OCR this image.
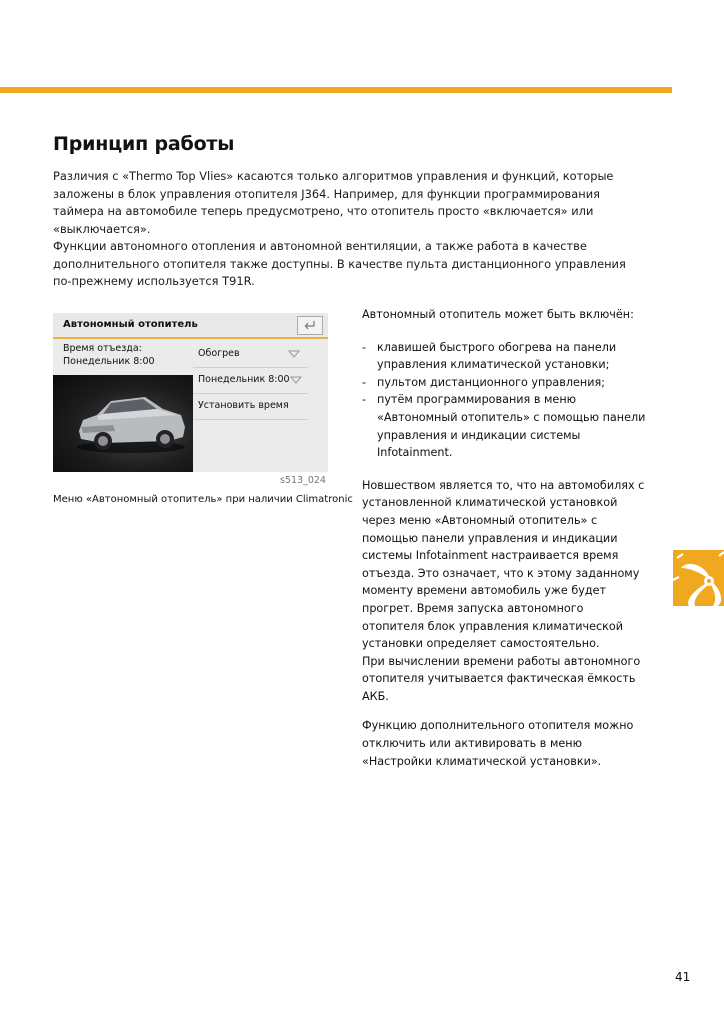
Принцип работы

Различия с «Thermo Top Vlies» касаются только алгоритмов управления и функций, которые заложены в блок управления отопителя J364. Например, для функции программирования таймера на автомобиле теперь предусмотрено, что отопитель просто «включается» или «выключается».

Функции автономного отопления и автономной вентиляции, а также работа в качестве дополнительного отопителя также доступны. В качестве пульта дистанционного управления по-прежнему используется T91R.

Автономный отопитель
Время отъезда:
Понедельник 8:00
Обогрев
Понедельник 8:00
Установить время
s513_024
Меню «Автономный отопитель» при наличии Climatronic

Автономный отопитель может быть включён:

- клавишей быстрого обогрева на панели управления климатической установки;
- пультом дистанционного управления;
- путём программирования в меню «Автономный отопитель» с помощью панели управления и индикации системы Infotainment.

Новшеством является то, что на автомобилях с установленной климатической установкой через меню «Автономный отопитель» с помощью панели управления и индикации системы Infotainment настраивается время отъезда. Это означает, что к этому заданному моменту времени автомобиль уже будет прогрет. Время запуска автономного отопителя блок управления климатической установки определяет самостоятельно.

При вычислении времени работы автономного отопителя учитывается фактическая ёмкость АКБ.

Функцию дополнительного отопителя можно отключить или активировать в меню «Настройки климатической установки».

41
